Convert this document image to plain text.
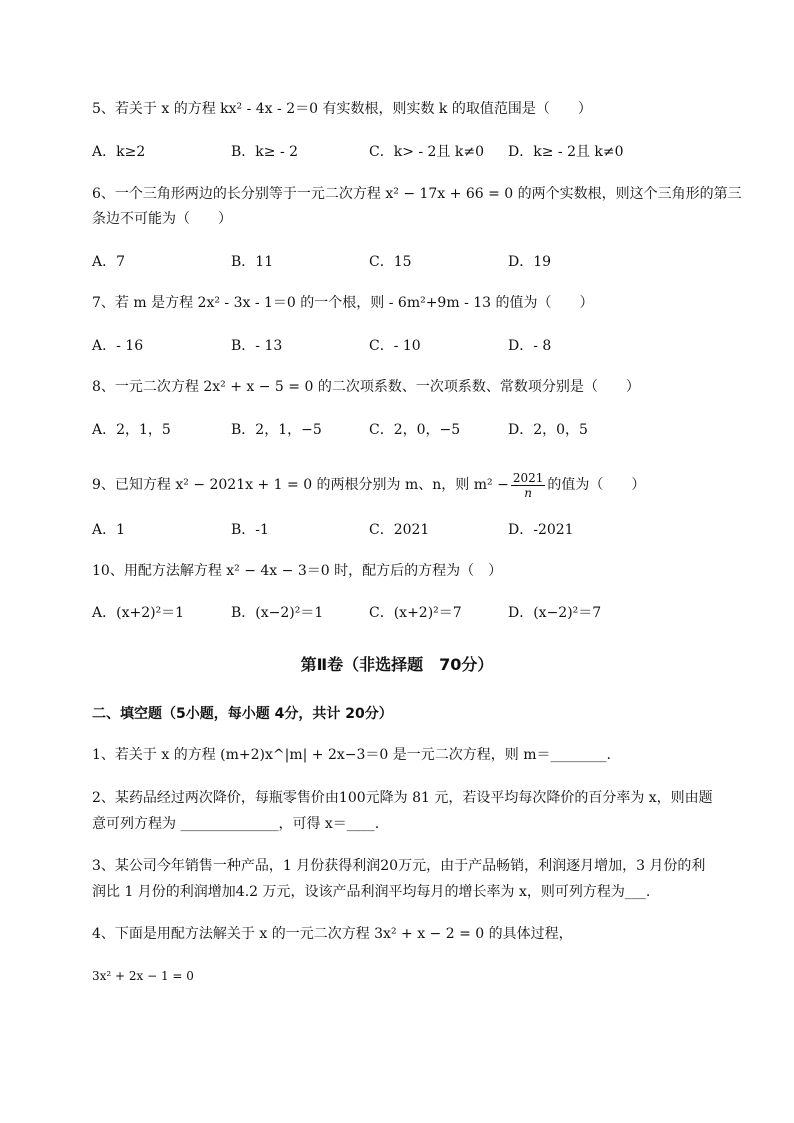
5、若关于 x 的方程 kx² - 4x - 2＝0 有实数根，则实数 k 的取值范围是（　　）
A．k≥2	B．k≥ - 2	C．k> - 2且 k≠0 D．k≥ - 2且 k≠0
6、一个三角形两边的长分别等于一元二次方程 x² − 17x + 66 = 0 的两个实数根，则这个三角形的第三
条边不可能为（　　）
A．7	B．11	C．15	D．19
7、若 m 是方程 2x² - 3x - 1＝0 的一个根，则 - 6m²+9m - 13 的值为（　　）
A．- 16	B．- 13	C．- 10	D．- 8
8、一元二次方程 2x² + x − 5 = 0 的二次项系数、一次项系数、常数项分别是（　　）
A．2，1，5	B．2，1，−5	C．2，0，−5	D．2，0，5
9、已知方程 x² − 2021x + 1 = 0 的两根分别为 m、n，则 $m^2 - \frac{2021}{n}$ 的值为（　　）
A．1	B．-1	C．2021	D．-2021
10、用配方法解方程 x² − 4x − 3＝0 时，配方后的方程为（　）
A．(x+2)²＝1	B．(x−2)²＝1	C．(x+2)²＝7	D．(x−2)²＝7
第Ⅱ卷（非选择题　70分）
二、填空题（5小题，每小题 4分，共计 20分）
1、若关于 x 的方程 (m+2)x^|m| + 2x−3＝0 是一元二次方程，则 m＝________.
2、某药品经过两次降价，每瓶零售价由100元降为 81 元，若设平均每次降价的百分率为 x，则由题
意可列方程为 ______________，可得 x＝____.
3、某公司今年销售一种产品，1 月份获得利润20万元，由于产品畅销，利润逐月增加，3 月份的利
润比 1 月份的利润增加4.2 万元，设该产品利润平均每月的增长率为 x，则可列方程为___.
4、下面是用配方法解关于 x 的一元二次方程 3x² + x − 2 = 0 的具体过程，
3x² + 2x − 1 = 0
